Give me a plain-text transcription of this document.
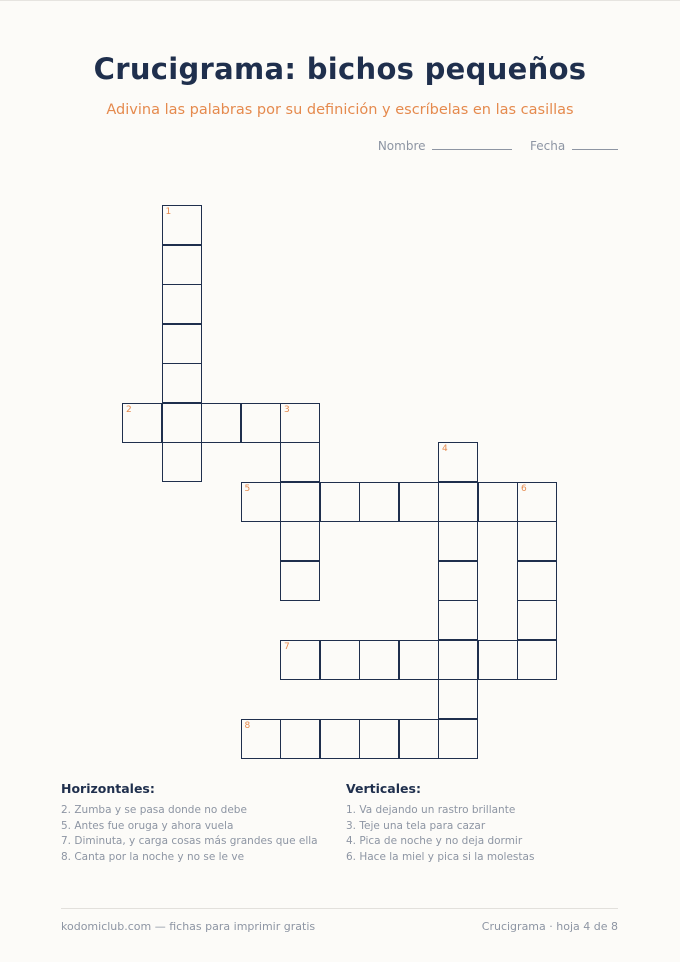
Crucigrama: bichos pequeños
Adivina las palabras por su definición y escríbelas en las casillas
Nombre	Fecha
1
2	3
4
5	6
7
8
Horizontales:
2. Zumba y se pasa donde no debe
5. Antes fue oruga y ahora vuela
7. Diminuta, y carga cosas más grandes que ella
8. Canta por la noche y no se le ve
Verticales:
1. Va dejando un rastro brillante
3. Teje una tela para cazar
4. Pica de noche y no deja dormir
6. Hace la miel y pica si la molestas
kodomiclub.com — fichas para imprimir gratis	Crucigrama · hoja 4 de 8
